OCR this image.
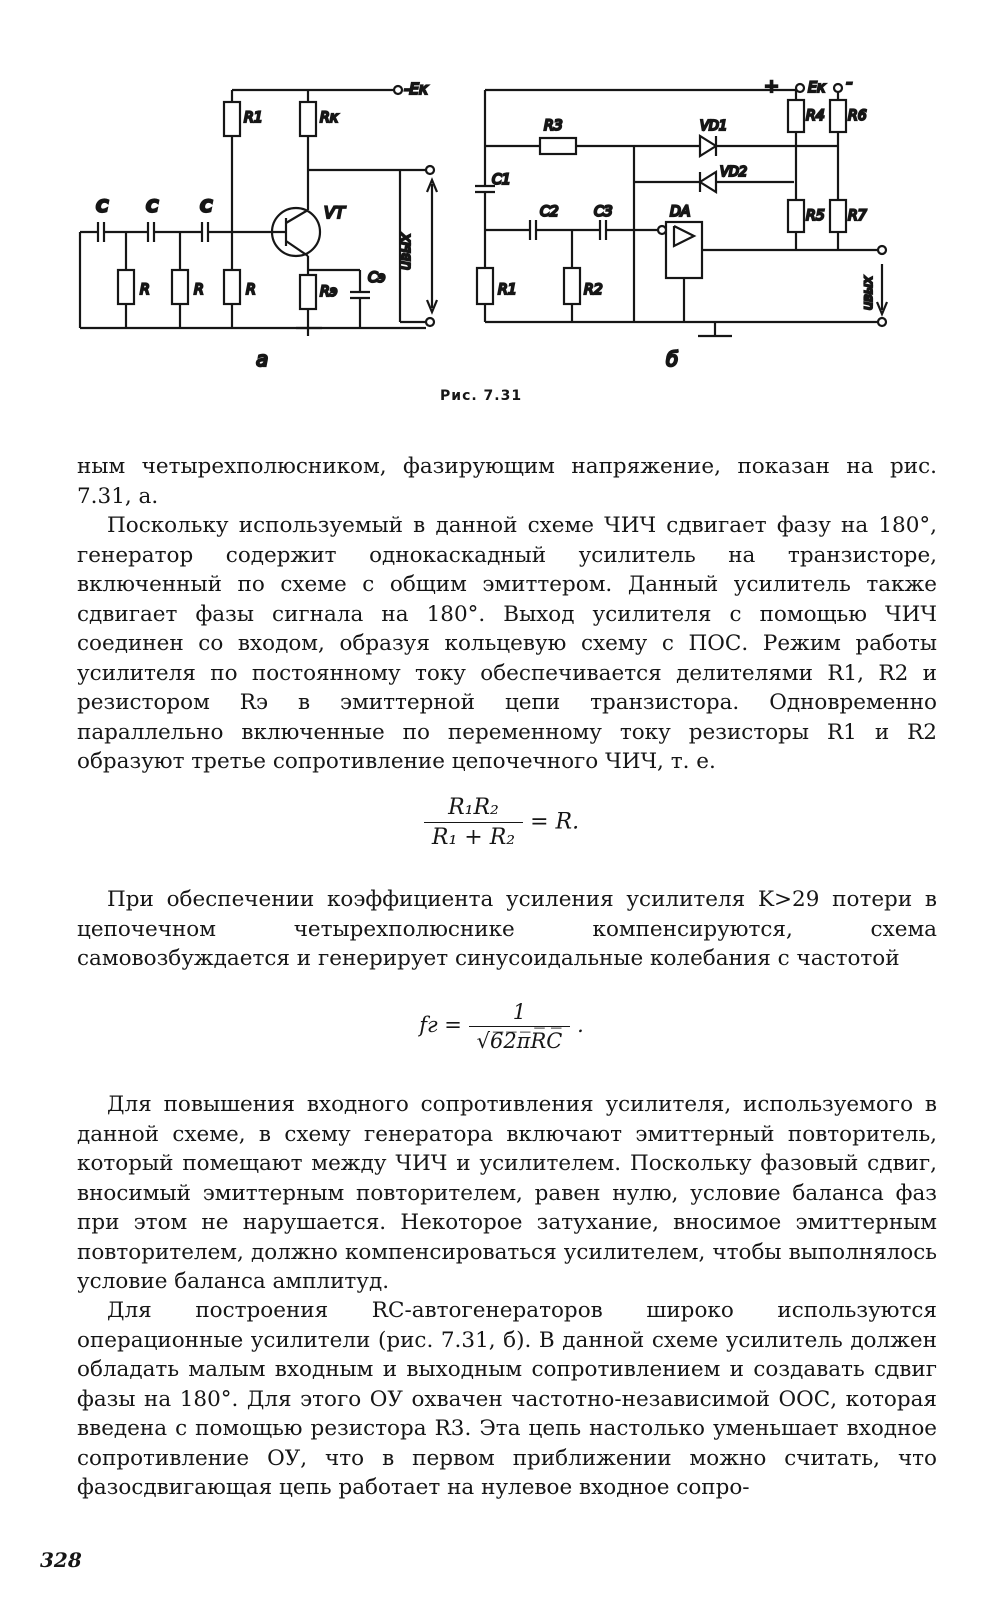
-Eк
R1	Rк
VT
C C C
R	R	R	Rэ
Cэ
uвых
+ Eк -
R3	VD1
VD2
R4 R6
R5 R7
C1
C2	C3	DA
R1	R2	uвых
а	б
Рис. 7.31

ным четырехполюсником, фазирующим напряжение, показан на рис. 7.31, а.

Поскольку используемый в данной схеме ЧИЧ сдвигает фазу на 180°, генератор содержит однокаскадный усилитель на транзисторе, включенный по схеме с общим эмиттером. Данный усилитель также сдвигает фазы сигнала на 180°. Выход усилителя с помощью ЧИЧ соединен со входом, образуя кольцевую схему с ПОС. Режим работы усилителя по постоянному току обеспечивается делителями R1, R2 и резистором Rэ в эмиттерной цепи транзистора. Одновременно параллельно включенные по переменному току резисторы R1 и R2 образуют третье сопротивление цепочечного ЧИЧ, т. е.

$\frac{\text{R₁R₂}}{\text{R₁ + R₂}} = R$.

При обеспечении коэффициента усиления усилителя K>29 потери в цепочечном четырехполюснике компенсируются, схема самовозбуждается и генерирует синусоидальные колебания с частотой

fг = $\frac{1}{√6̅2̅\pi̅R̅C̅}$ .

Для повышения входного сопротивления усилителя, используемого в данной схеме, в схему генератора включают эмиттерный повторитель, который помещают между ЧИЧ и усилителем. Поскольку фазовый сдвиг, вносимый эмиттерным повторителем, равен нулю, условие баланса фаз при этом не нарушается. Некоторое затухание, вносимое эмиттерным повторителем, должно компенсироваться усилителем, чтобы выполнялось условие баланса амплитуд.

Для построения RC-автогенераторов широко используются операционные усилители (рис. 7.31, б). В данной схеме усилитель должен обладать малым входным и выходным сопротивлением и создавать сдвиг фазы на 180°. Для этого ОУ охвачен частотно-независимой ООС, которая введена с помощью резистора R3. Эта цепь настолько уменьшает входное сопротивление ОУ, что в первом приближении можно считать, что фазосдвигающая цепь работает на нулевое входное сопро-

328
